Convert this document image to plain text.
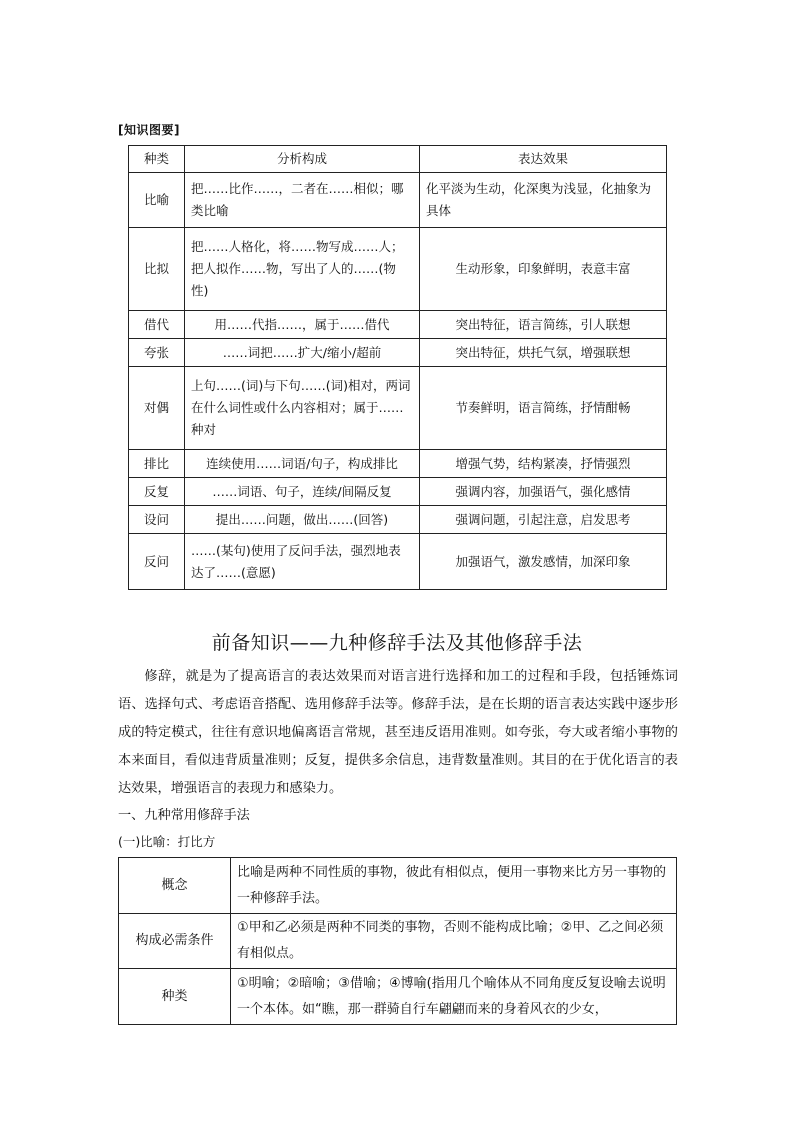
[知识图要]
种类	分析构成	表达效果
比喻	把……比作……，二者在……相似；哪类比喻	化平淡为生动，化深奥为浅显，化抽象为具体
比拟	把……人格化，将……物写成……人；把人拟作……物，写出了人的……(物性)	生动形象，印象鲜明，表意丰富
借代	用……代指……，属于……借代	突出特征，语言简练，引人联想
夸张	……词把……扩大/缩小/超前	突出特征，烘托气氛，增强联想
对偶	上句……(词)与下句……(词)相对，两词在什么词性或什么内容相对；属于……种对	节奏鲜明，语言简练，抒情酣畅
排比	连续使用……词语/句子，构成排比	增强气势，结构紧凑，抒情强烈
反复	……词语、句子，连续/间隔反复	强调内容，加强语气，强化感情
设问	提出……问题，做出……(回答)	强调问题，引起注意，启发思考
反问	……(某句)使用了反问手法，强烈地表达了……(意愿)	加强语气，激发感情，加深印象
前备知识——九种修辞手法及其他修辞手法

修辞，就是为了提高语言的表达效果而对语言进行选择和加工的过程和手段，包括锤炼词语、选择句式、考虑语音搭配、选用修辞手法等。修辞手法，是在长期的语言表达实践中逐步形成的特定模式，往往有意识地偏离语言常规，甚至违反语用准则。如夸张，夸大或者缩小事物的本来面目，看似违背质量准则；反复，提供多余信息，违背数量准则。其目的在于优化语言的表达效果，增强语言的表现力和感染力。

一、九种常用修辞手法
(一)比喻：打比方
概念	比喻是两种不同性质的事物，彼此有相似点，便用一事物来比方另一事物的一种修辞手法。
构成必需条件	①甲和乙必须是两种不同类的事物，否则不能构成比喻；②甲、乙之间必须有相似点。
种类	①明喻；②暗喻；③借喻；④博喻(指用几个喻体从不同角度反复设喻去说明一个本体。如“瞧，那一群骑自行车翩翩而来的身着风衣的少女，
